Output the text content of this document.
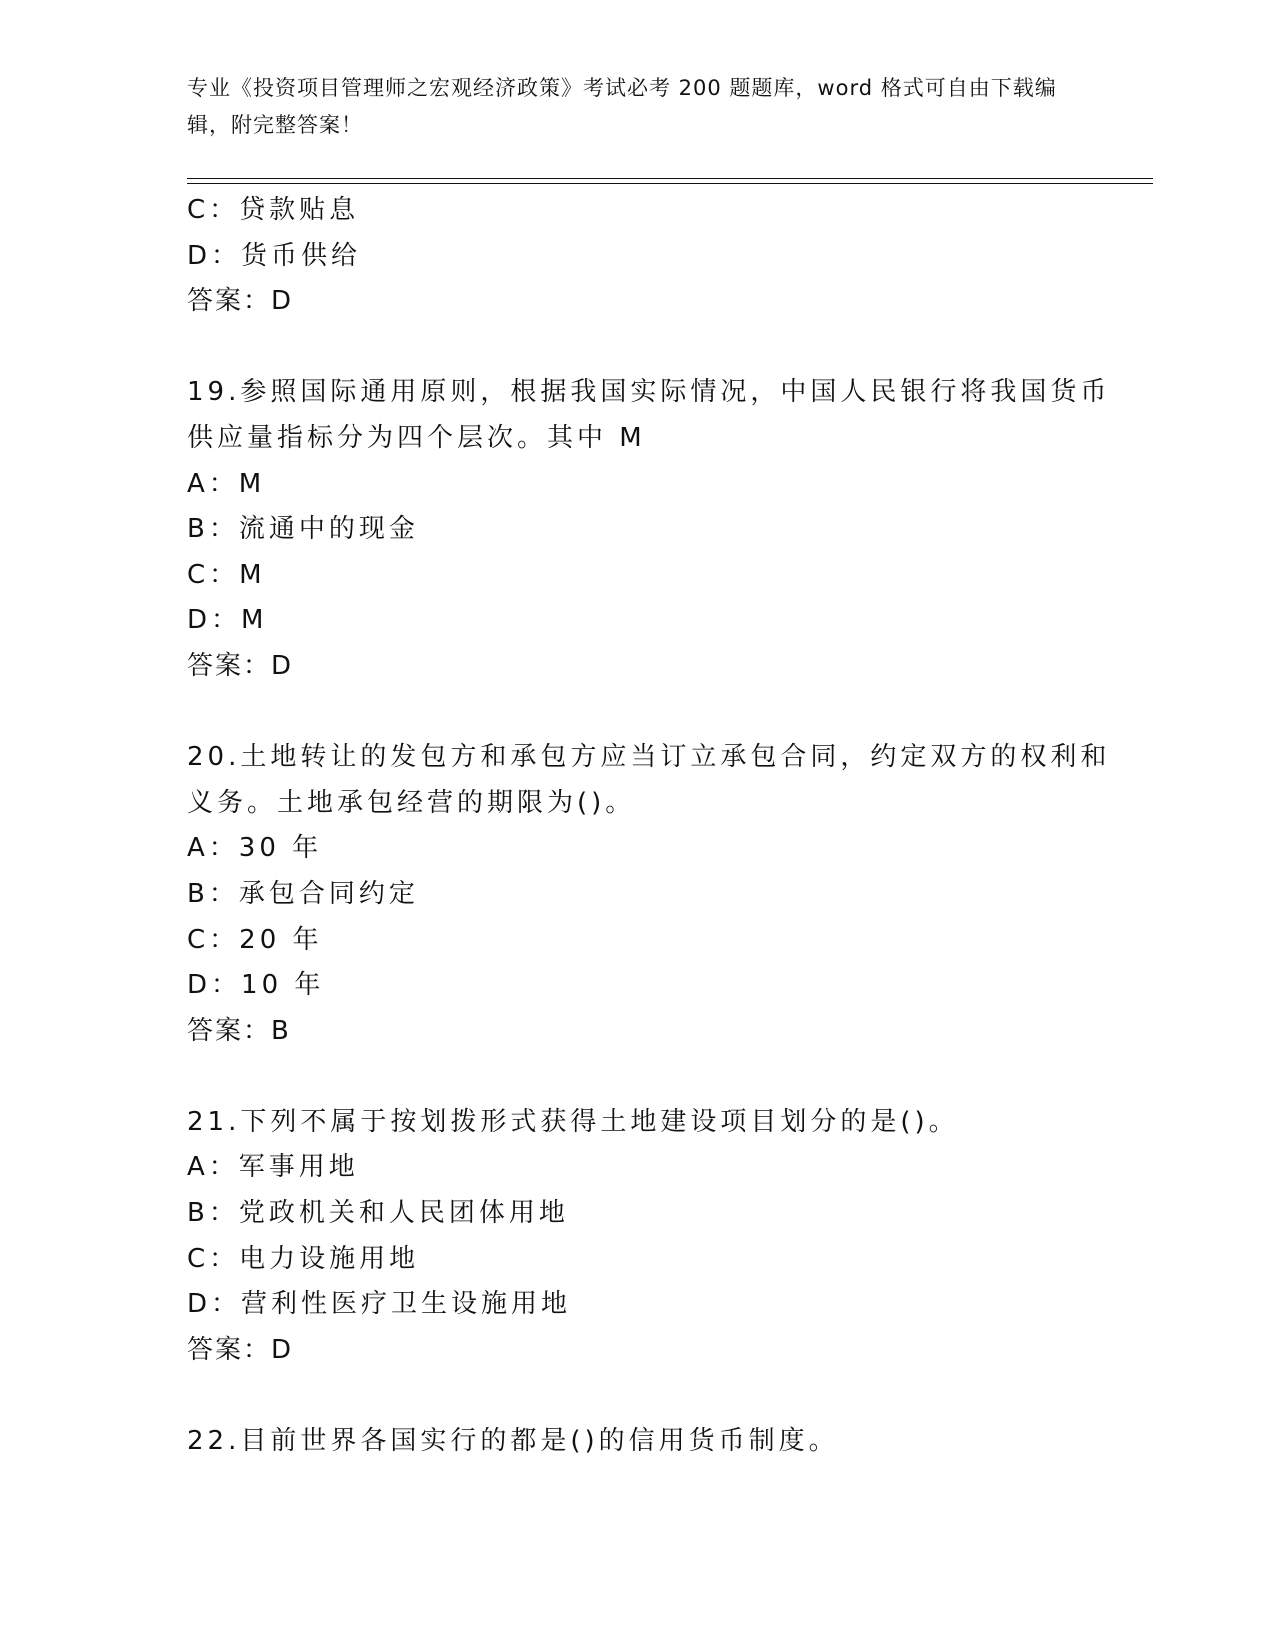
专业《投资项目管理师之宏观经济政策》考试必考 200 题题库，word 格式可自由下载编辑，附完整答案！
C：贷款贴息
D：货币供给
答案：D
19.参照国际通用原则，根据我国实际情况，中国人民银行将我国货币
供应量指标分为四个层次。其中 M
A：M
B：流通中的现金
C：M
D：M
答案：D
20.土地转让的发包方和承包方应当订立承包合同，约定双方的权利和
义务。土地承包经营的期限为()。
A：30 年
B：承包合同约定
C：20 年
D：10 年
答案：B
21.下列不属于按划拨形式获得土地建设项目划分的是()。
A：军事用地
B：党政机关和人民团体用地
C：电力设施用地
D：营利性医疗卫生设施用地
答案：D
22.目前世界各国实行的都是()的信用货币制度。
